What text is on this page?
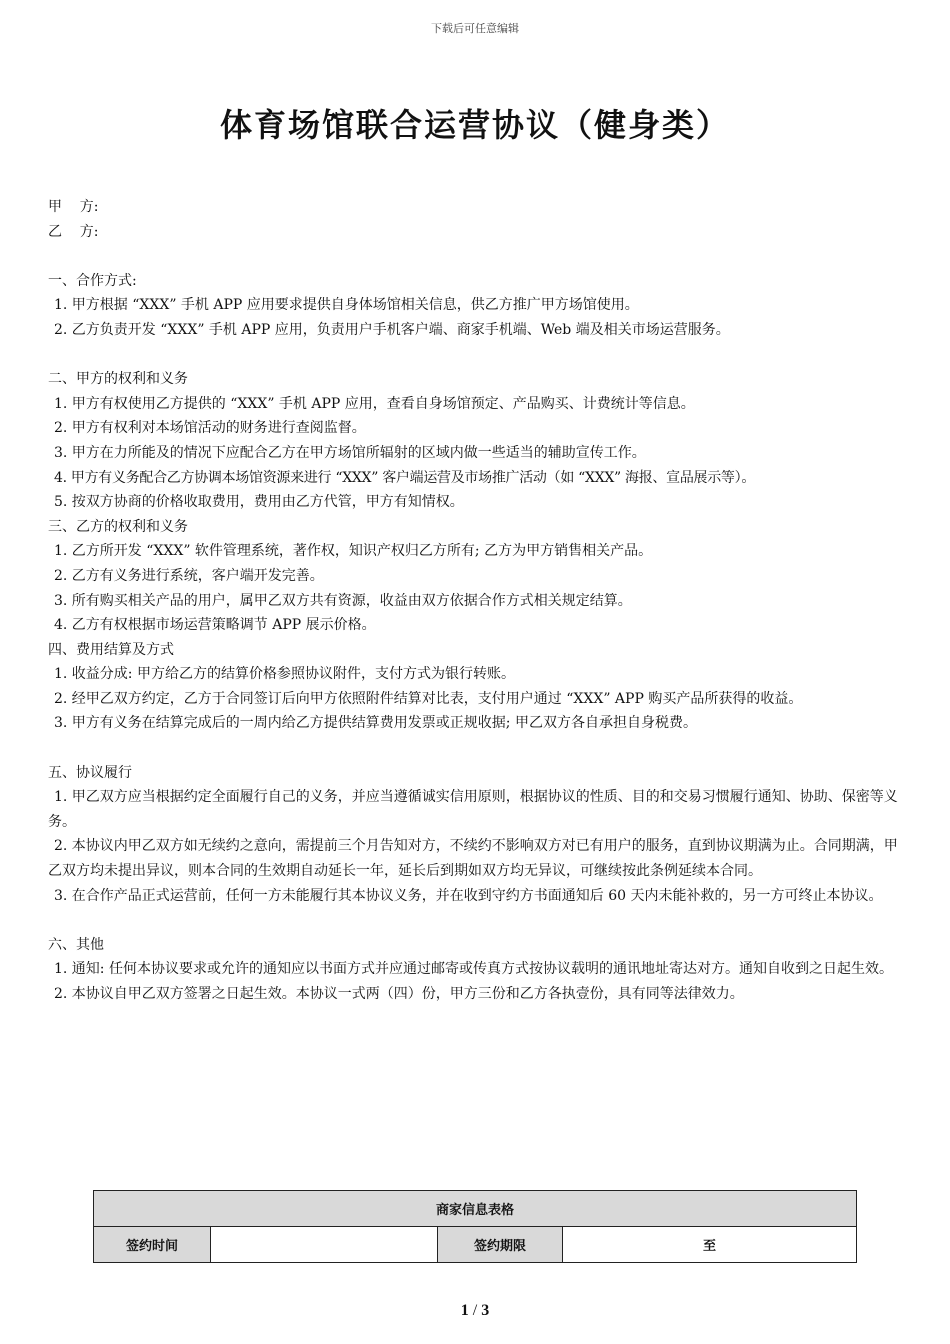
下载后可任意编辑
体育场馆联合运营协议（健身类）
甲    方:
乙    方:
一、合作方式:
1. 甲方根据 “XXX” 手机 APP 应用要求提供自身体场馆相关信息，供乙方推广甲方场馆使用。
2. 乙方负责开发 “XXX” 手机 APP 应用，负责用户手机客户端、商家手机端、Web 端及相关市场运营服务。
二、甲方的权利和义务
1. 甲方有权使用乙方提供的 “XXX” 手机 APP 应用，查看自身场馆预定、产品购买、计费统计等信息。
2. 甲方有权利对本场馆活动的财务进行查阅监督。
3. 甲方在力所能及的情况下应配合乙方在甲方场馆所辐射的区域内做一些适当的辅助宣传工作。
4. 甲方有义务配合乙方协调本场馆资源来进行 “XXX” 客户端运营及市场推广活动（如 “XXX” 海报、宣品展示等）。
5. 按双方协商的价格收取费用，费用由乙方代管，甲方有知情权。
三、乙方的权利和义务
1. 乙方所开发 “XXX” 软件管理系统，著作权，知识产权归乙方所有; 乙方为甲方销售相关产品。
2. 乙方有义务进行系统，客户端开发完善。
3. 所有购买相关产品的用户，属甲乙双方共有资源，收益由双方依据合作方式相关规定结算。
4. 乙方有权根据市场运营策略调节 APP 展示价格。
四、费用结算及方式
1. 收益分成: 甲方给乙方的结算价格参照协议附件，支付方式为银行转账。
2. 经甲乙双方约定，乙方于合同签订后向甲方依照附件结算对比表，支付用户通过 “XXX” APP 购买产品所获得的收益。
3. 甲方有义务在结算完成后的一周内给乙方提供结算费用发票或正规收据; 甲乙双方各自承担自身税费。
五、协议履行
1. 甲乙双方应当根据约定全面履行自己的义务，并应当遵循诚实信用原则，根据协议的性质、目的和交易习惯履行通知、协助、保密等义务。
2. 本协议内甲乙双方如无续约之意向，需提前三个月告知对方，不续约不影响双方对已有用户的服务，直到协议期满为止。合同期满，甲乙双方均未提出异议，则本合同的生效期自动延长一年，延长后到期如双方均无异议，可继续按此条例延续本合同。
3. 在合作产品正式运营前，任何一方未能履行其本协议义务，并在收到守约方书面通知后 60 天内未能补救的，另一方可终止本协议。
六、其他
1. 通知: 任何本协议要求或允许的通知应以书面方式并应通过邮寄或传真方式按协议载明的通讯地址寄达对方。通知自收到之日起生效。
2. 本协议自甲乙双方签署之日起生效。本协议一式两（四）份，甲方三份和乙方各执壹份，具有同等法律效力。
商家信息表格
签约时间		签约期限	至
1 / 3
